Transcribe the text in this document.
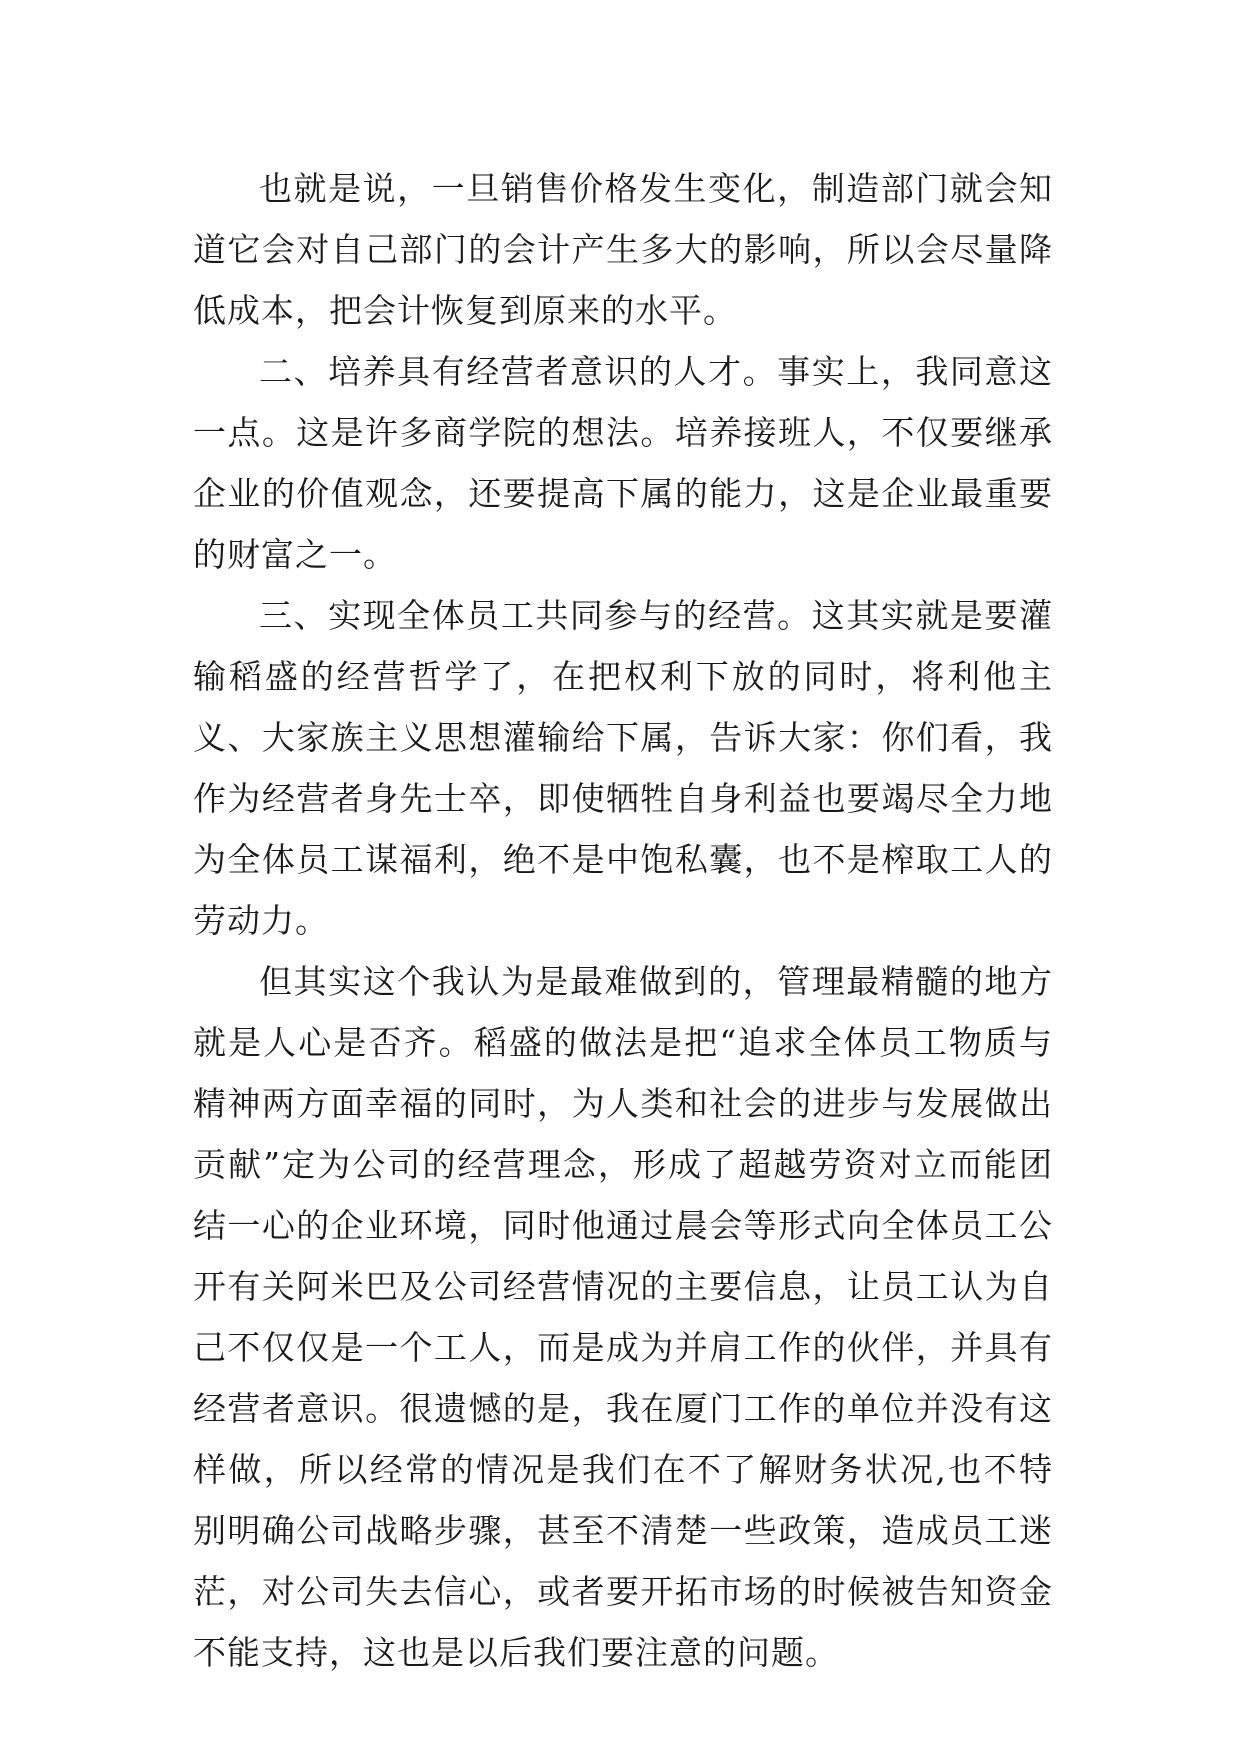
也就是说，一旦销售价格发生变化，制造部门就会知道它会对自己部门的会计产生多大的影响，所以会尽量降低成本，把会计恢复到原来的水平。

二、培养具有经营者意识的人才。事实上，我同意这一点。这是许多商学院的想法。培养接班人，不仅要继承企业的价值观念，还要提高下属的能力，这是企业最重要的财富之一。

三、实现全体员工共同参与的经营。这其实就是要灌输稻盛的经营哲学了，在把权利下放的同时，将利他主义、大家族主义思想灌输给下属，告诉大家：你们看，我作为经营者身先士卒，即使牺牲自身利益也要竭尽全力地为全体员工谋福利，绝不是中饱私囊，也不是榨取工人的劳动力。

但其实这个我认为是最难做到的，管理最精髓的地方就是人心是否齐。稻盛的做法是把“追求全体员工物质与精神两方面幸福的同时，为人类和社会的进步与发展做出贡献”定为公司的经营理念，形成了超越劳资对立而能团结一心的企业环境，同时他通过晨会等形式向全体员工公开有关阿米巴及公司经营情况的主要信息，让员工认为自己不仅仅是一个工人，而是成为并肩工作的伙伴，并具有经营者意识。很遗憾的是，我在厦门工作的单位并没有这样做，所以经常的情况是我们在不了解财务状况,也不特别明确公司战略步骤，甚至不清楚一些政策，造成员工迷茫，对公司失去信心，或者要开拓市场的时候被告知资金不能支持，这也是以后我们要注意的问题。
